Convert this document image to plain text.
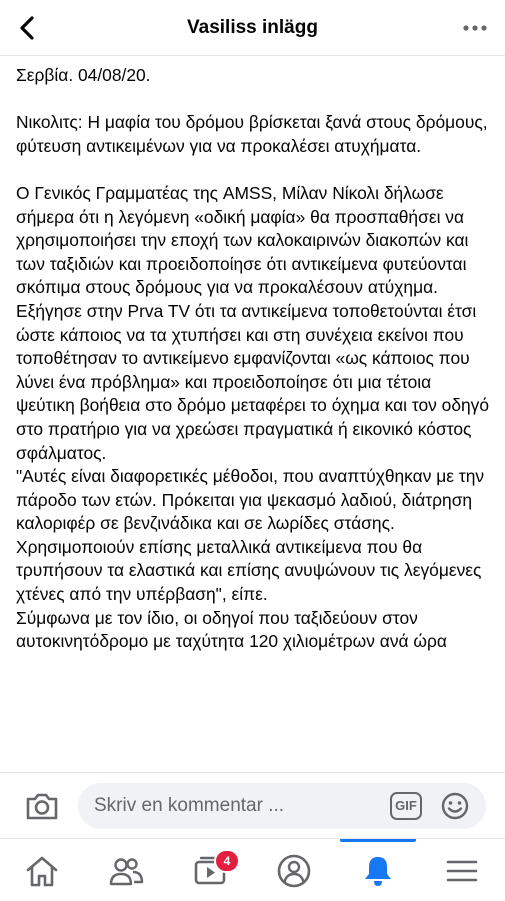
Vasiliss inlägg

Σερβία. 04/08/20.

Νικολιτς: Η μαφία του δρόμου βρίσκεται ξανά στους δρόμους, φύτευση αντικειμένων για να προκαλέσει ατυχήματα.

Ο Γενικός Γραμματέας της AMSS, Μίλαν Νίκολι δήλωσε σήμερα ότι η λεγόμενη «οδική μαφία» θα προσπαθήσει να χρησιμοποιήσει την εποχή των καλοκαιρινών διακοπών και των ταξιδιών και προειδοποίησε ότι αντικείμενα φυτεύονται σκόπιμα στους δρόμους για να προκαλέσουν ατύχημα.

Εξήγησε στην Prva TV ότι τα αντικείμενα τοποθετούνται έτσι ώστε κάποιος να τα χτυπήσει και στη συνέχεια εκείνοι που τοποθέτησαν το αντικείμενο εμφανίζονται «ως κάποιος που λύνει ένα πρόβλημα» και προειδοποίησε ότι μια τέτοια ψεύτικη βοήθεια στο δρόμο μεταφέρει το όχημα και τον οδηγό στο πρατήριο για να χρεώσει πραγματικά ή εικονικό κόστος σφάλματος.

"Αυτές είναι διαφορετικές μέθοδοι, που αναπτύχθηκαν με την πάροδο των ετών. Πρόκειται για ψεκασμό λαδιού, διάτρηση καλοριφέρ σε βενζινάδικα και σε λωρίδες στάσης. Χρησιμοποιούν επίσης μεταλλικά αντικείμενα που θα τρυπήσουν τα ελαστικά και επίσης ανυψώνουν τις λεγόμενες χτένες από την υπέρβαση", είπε.

Σύμφωνα με τον ίδιο, οι οδηγοί που ταξιδεύουν στον αυτοκινητόδρομο με ταχύτητα 120 χιλιομέτρων ανά ώρα

Skriv en kommentar ...	GIF
4
